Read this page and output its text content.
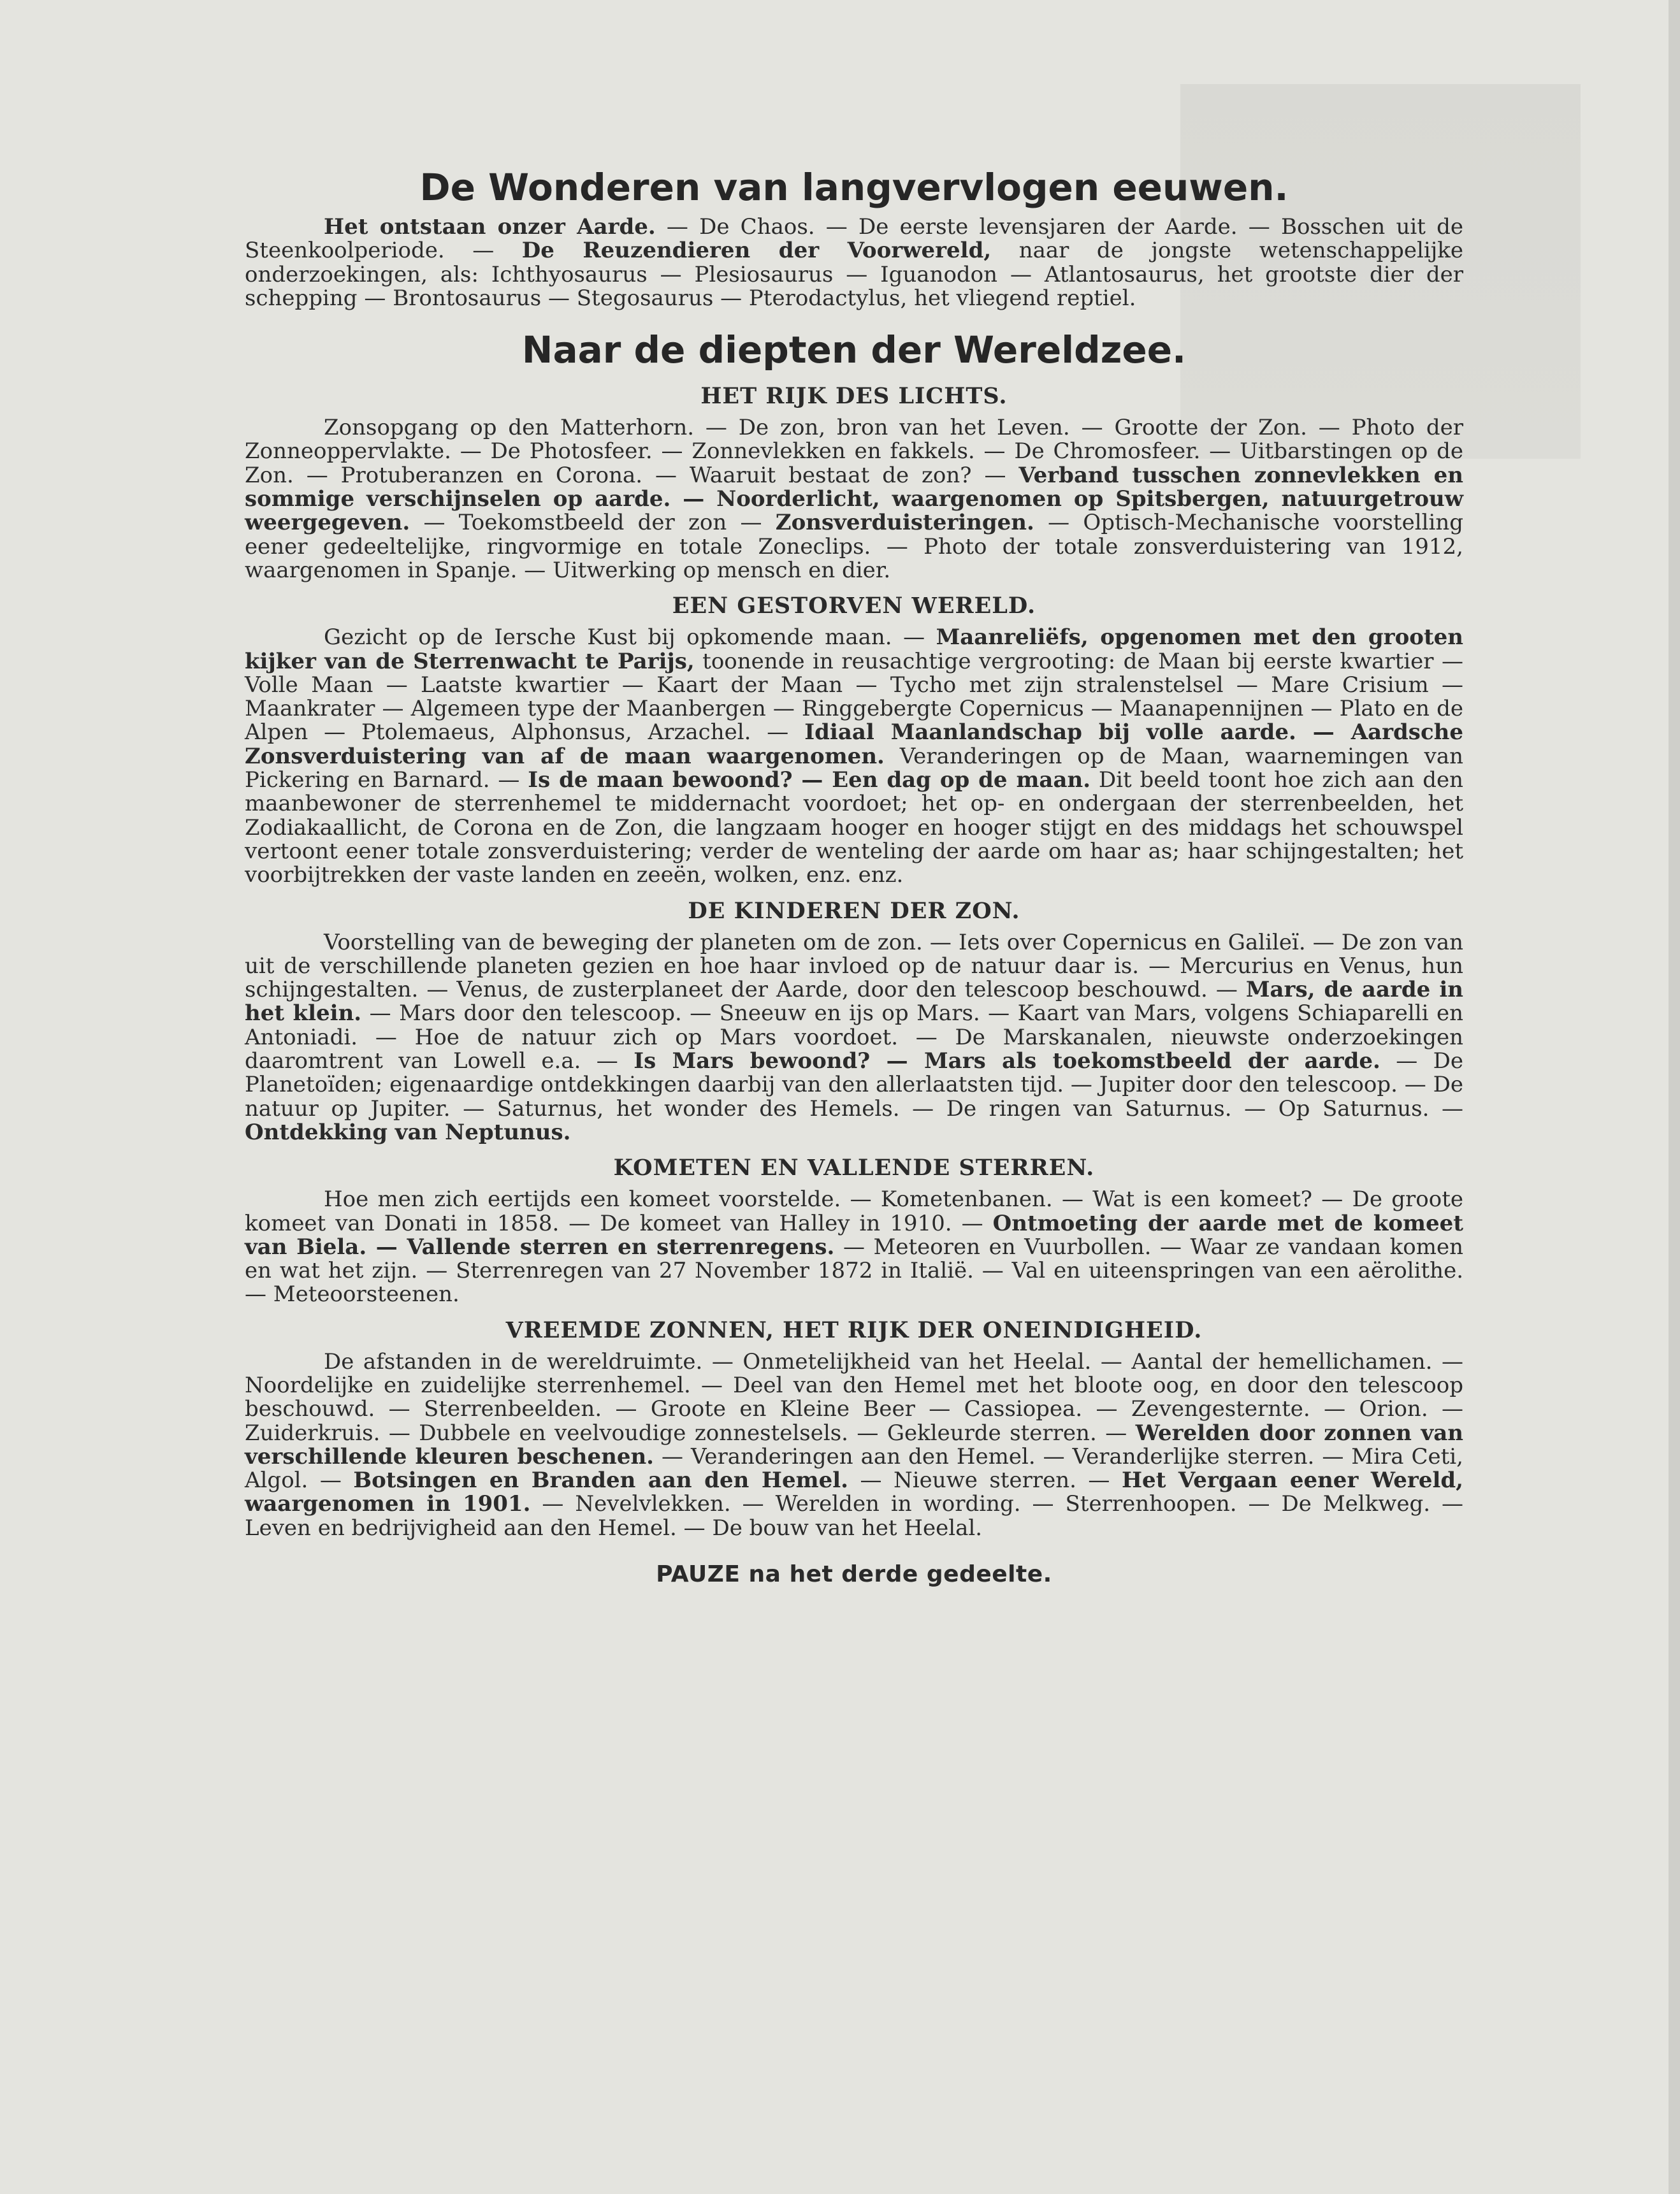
De Wonderen van langvervlogen eeuwen.

Het ontstaan onzer Aarde. — De Chaos. — De eerste levensjaren der Aarde. — Bosschen uit de Steenkoolperiode. — De Reuzendieren der Voorwereld, naar de jongste wetenschappelijke onderzoekingen, als: Ichthyosaurus — Plesiosaurus — Iguanodon — Atlantosaurus, het grootste dier der schepping — Brontosaurus — Stegosaurus — Pterodactylus, het vliegend reptiel.

Naar de diepten der Wereldzee.
HET RIJK DES LICHTS.

Zonsopgang op den Matterhorn. — De zon, bron van het Leven. — Grootte der Zon. — Photo der Zonneoppervlakte. — De Photosfeer. — Zonnevlekken en fakkels. — De Chromosfeer. — Uitbarstingen op de Zon. — Protuberanzen en Corona. — Waaruit bestaat de zon? — Verband tusschen zonnevlekken en sommige verschijnselen op aarde. — Noorderlicht, waargenomen op Spitsbergen, natuurgetrouw weergegeven. — Toekomstbeeld der zon — Zonsverduisteringen. — Optisch-Mechanische voorstelling eener gedeeltelijke, ringvormige en totale Zoneclips. — Photo der totale zonsverduistering van 1912, waargenomen in Spanje. — Uitwerking op mensch en dier.

EEN GESTORVEN WERELD.

Gezicht op de Iersche Kust bij opkomende maan. — Maanreliëfs, opgenomen met den grooten kijker van de Sterrenwacht te Parijs, toonende in reusachtige vergrooting: de Maan bij eerste kwartier — Volle Maan — Laatste kwartier — Kaart der Maan — Tycho met zijn stralenstelsel — Mare Crisium — Maankrater — Algemeen type der Maanbergen — Ringgebergte Copernicus — Maanapennijnen — Plato en de Alpen — Ptolemaeus, Alphonsus, Arzachel. — Idiaal Maanlandschap bij volle aarde. — Aardsche Zonsverduistering van af de maan waargenomen. Veranderingen op de Maan, waarnemingen van Pickering en Barnard. — Is de maan bewoond? — Een dag op de maan. Dit beeld toont hoe zich aan den maanbewoner de sterrenhemel te middernacht voordoet; het op- en ondergaan der sterrenbeelden, het Zodiakaallicht, de Corona en de Zon, die langzaam hooger en hooger stijgt en des middags het schouwspel vertoont eener totale zonsverduistering; verder de wenteling der aarde om haar as; haar schijngestalten; het voorbijtrekken der vaste landen en zeeën, wolken, enz. enz.

DE KINDEREN DER ZON.

Voorstelling van de beweging der planeten om de zon. — Iets over Copernicus en Galileï. — De zon van uit de verschillende planeten gezien en hoe haar invloed op de natuur daar is. — Mercurius en Venus, hun schijngestalten. — Venus, de zusterplaneet der Aarde, door den telescoop beschouwd. — Mars, de aarde in het klein. — Mars door den telescoop. — Sneeuw en ijs op Mars. — Kaart van Mars, volgens Schiaparelli en Antoniadi. — Hoe de natuur zich op Mars voordoet. — De Marskanalen, nieuwste onderzoekingen daaromtrent van Lowell e.a. — Is Mars bewoond? — Mars als toekomstbeeld der aarde. — De Planetoïden; eigenaardige ontdekkingen daarbij van den allerlaatsten tijd. — Jupiter door den telescoop. — De natuur op Jupiter. — Saturnus, het wonder des Hemels. — De ringen van Saturnus. — Op Saturnus. — Ontdekking van Neptunus.

KOMETEN EN VALLENDE STERREN.

Hoe men zich eertijds een komeet voorstelde. — Kometenbanen. — Wat is een komeet? — De groote komeet van Donati in 1858. — De komeet van Halley in 1910. — Ontmoeting der aarde met de komeet van Biela. — Vallende sterren en sterrenregens. — Meteoren en Vuurbollen. — Waar ze vandaan komen en wat het zijn. — Sterrenregen van 27 November 1872 in Italië. — Val en uiteenspringen van een aërolithe. — Meteoorsteenen.

VREEMDE ZONNEN, HET RIJK DER ONEINDIGHEID.

De afstanden in de wereldruimte. — Onmetelijkheid van het Heelal. — Aantal der hemellichamen. — Noordelijke en zuidelijke sterrenhemel. — Deel van den Hemel met het bloote oog, en door den telescoop beschouwd. — Sterrenbeelden. — Groote en Kleine Beer — Cassiopea. — Zevengesternte. — Orion. — Zuiderkruis. — Dubbele en veelvoudige zonnestelsels. — Gekleurde sterren. — Werelden door zonnen van verschillende kleuren beschenen. — Veranderingen aan den Hemel. — Veranderlijke sterren. — Mira Ceti, Algol. — Botsingen en Branden aan den Hemel. — Nieuwe sterren. — Het Vergaan eener Wereld, waargenomen in 1901. — Nevelvlekken. — Werelden in wording. — Sterrenhoopen. — De Melkweg. — Leven en bedrijvigheid aan den Hemel. — De bouw van het Heelal.

PAUZE na het derde gedeelte.
